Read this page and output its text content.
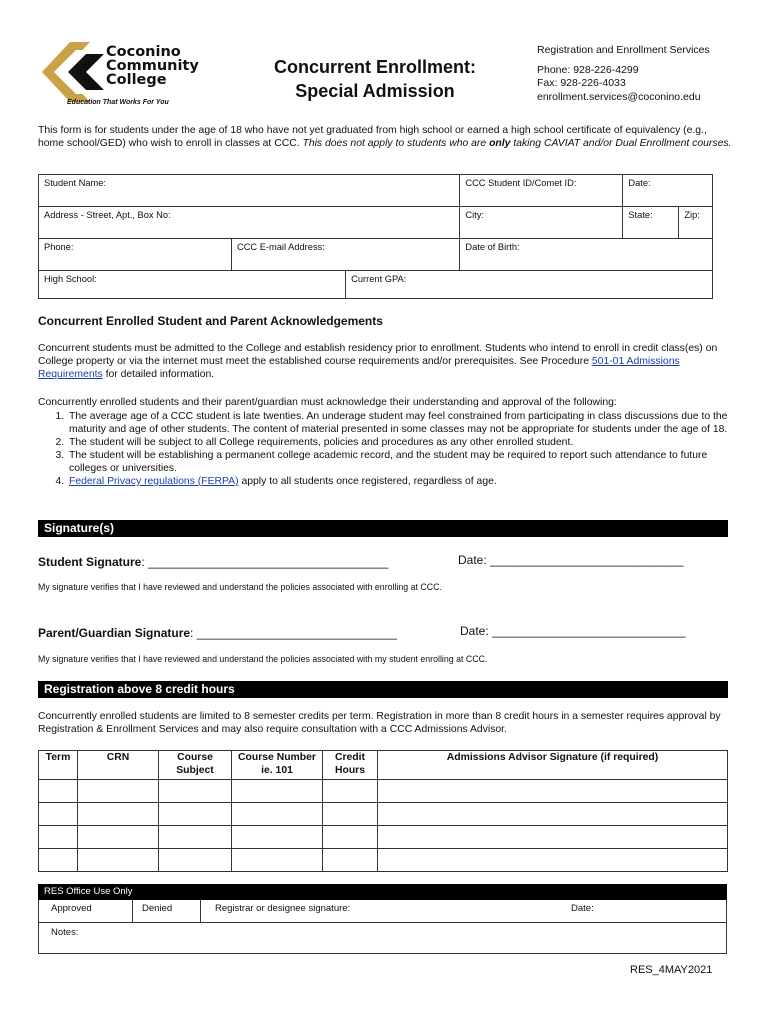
Coconino
Community
College
Education That Works For You
Concurrent Enrollment:
Special Admission
Registration and Enrollment Services
Phone: 928-226-4299
Fax: 928-226-4033
enrollment.services@coconino.edu
This form is for students under the age of 18 who have not yet graduated from high school or earned a high school certificate of equivalency (e.g., home school/GED) who wish to enroll in classes at CCC. This does not apply to students who are only taking CAVIAT and/or Dual Enrollment courses.
Student Name:			CCC Student ID/Comet ID:	Date:	
Address - Street, Apt., Box No:			City:	State:	Zip:
Phone:	CCC E-mail Address:		Date of Birth:		
High School:		Current GPA:			
Concurrent Enrolled Student and Parent Acknowledgements
Concurrent students must be admitted to the College and establish residency prior to enrollment. Students who intend to enroll in credit class(es) on College property or via the internet must meet the established course requirements and/or prerequisites. See Procedure 501-01 Admissions Requirements for detailed information.
Concurrently enrolled students and their parent/guardian must acknowledge their understanding and approval of the following:
1. The average age of a CCC student is late twenties. An underage student may feel constrained from participating in class discussions due to the maturity and age of other students. The content of material presented in some classes may not be appropriate for students under the age of 18.
2. The student will be subject to all College requirements, policies and procedures as any other enrolled student.
3. The student will be establishing a permanent college academic record, and the student may be required to report such attendance to future colleges or universities.
4. Federal Privacy regulations (FERPA) apply to all students once registered, regardless of age.
Signature(s)
Student Signature: ____________________________________	Date: _____________________________
My signature verifies that I have reviewed and understand the policies associated with enrolling at CCC.
Parent/Guardian Signature: ______________________________	Date: _____________________________
My signature verifies that I have reviewed and understand the policies associated with my student enrolling at CCC.
Registration above 8 credit hours
Concurrently enrolled students are limited to 8 semester credits per term. Registration in more than 8 credit hours in a semester requires approval by Registration & Enrollment Services and may also require consultation with a CCC Admissions Advisor.
Term	CRN	Course Subject	Course Number ie. 101	Credit Hours	Admissions Advisor Signature (if required)

RES Office Use Only
Approved	Denied	Registrar or designee signature:	Date:
Notes:
RES_4MAY2021
